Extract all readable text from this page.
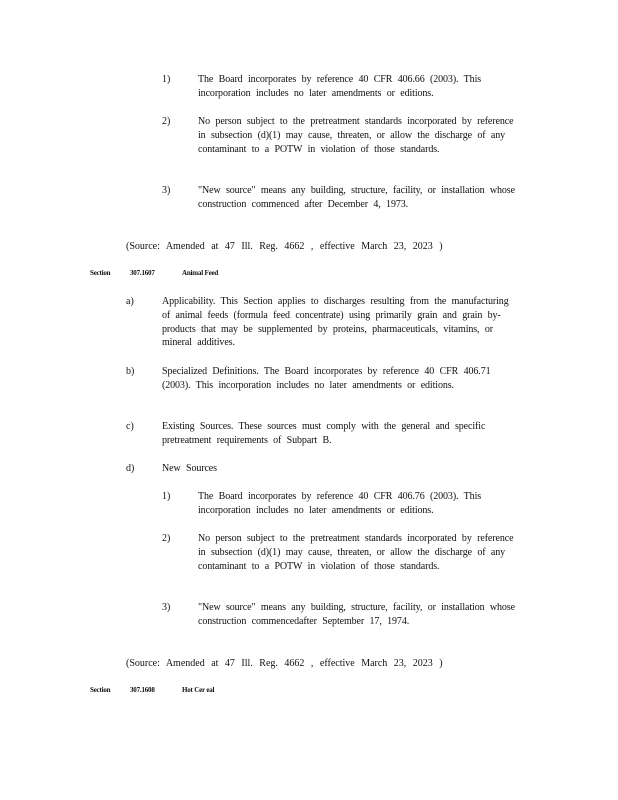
1)	The Board incorporates by reference 40 CFR 406.66 (2003). This incorporation includes no later amendments or editions.
2)	No person subject to the pretreatment standards incorporated by reference in subsection (d)(1) may cause, threaten, or allow the discharge of any contaminant to a POTW in violation of those standards.
3)	"New source" means any building, structure, facility, or installation whose construction commenced after December 4, 1973.
(Source: Amended at 47 Ill. Reg. 4662 , effective March 23, 2023 )
Section	307.1607	Animal Feed
a)	Applicability. This Section applies to discharges resulting from the manufacturing of animal feeds (formula feed concentrate) using primarily grain and grain by-products that may be supplemented by proteins, pharmaceuticals, vitamins, or mineral additives.
b)	Specialized Definitions. The Board incorporates by reference 40 CFR 406.71 (2003). This incorporation includes no later amendments or editions.
c)	Existing Sources. These sources must comply with the general and specific pretreatment requirements of Subpart B.
d)	New Sources
1)	The Board incorporates by reference 40 CFR 406.76 (2003). This incorporation includes no later amendments or editions.
2)	No person subject to the pretreatment standards incorporated by reference in subsection (d)(1) may cause, threaten, or allow the discharge of any contaminant to a POTW in violation of those standards.
3)	"New source" means any building, structure, facility, or installation whose construction commencedafter September 17, 1974.
(Source: Amended at 47 Ill. Reg. 4662 , effective March 23, 2023 )
Section	307.1608	Hot Cer eal
